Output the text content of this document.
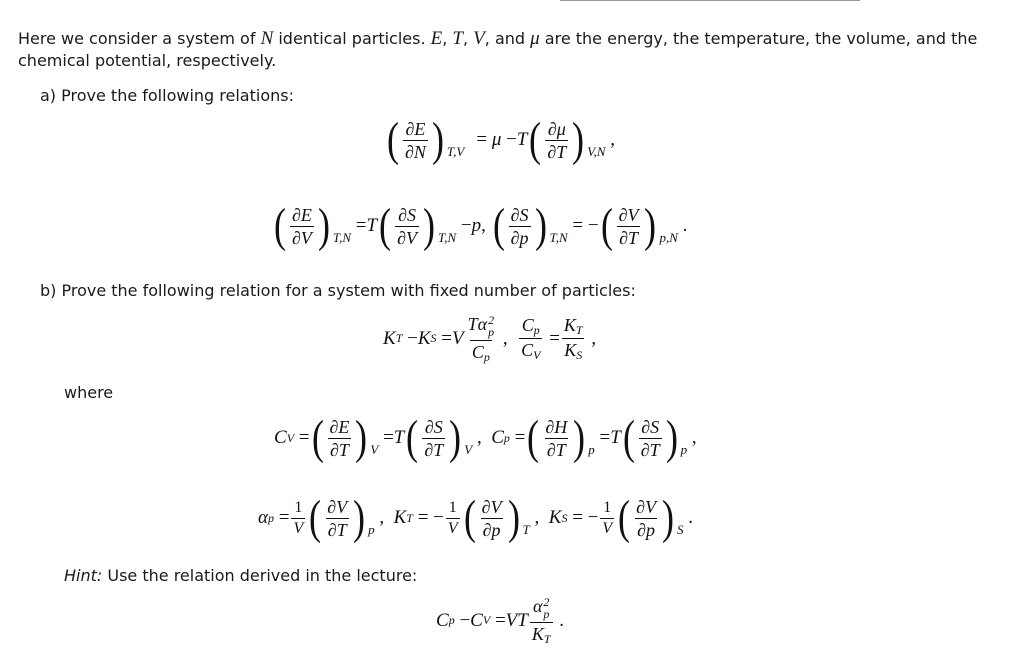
Here we consider a system of N identical particles. E, T, V, and μ are the energy, the temperature, the volume, and the
chemical potential, respectively.
a) Prove the following relations:
( $\frac{\partial E}{\partial N}$ ) T,V
= μ − T ( $\frac{\partial\mu}{\partial T}$ ) V,N
,
( $\frac{\partial E}{\partial V}$ ) T,N
= T ( $\frac{\partial S}{\partial V}$ ) T,N
− p , ( $\frac{\partial S}{\partial p}$ ) T,N
= − ( $\frac{\partial V}{\partial T}$ ) p,N
.
b) Prove the following relation for a system with fixed number of particles:
K T − K S = V Tα 2
p
$C_p$ , $\frac{C_p}{C_V} = \frac{K_T}{K_S}$ ,
where
C V = ( $\frac{\partial E}{\partial T}$ ) V
= T ( $\frac{\partial S}{\partial T}$ ) V
, C p = ( $\frac{\partial H}{\partial T}$ ) p
= T ( $\frac{\partial S}{\partial T}$ ) p
,
α $p = \frac{1}{V}$ ( $\frac{\partial V}{\partial T}$ ) p
, K T = − $\frac{1}{V}$ ( $\frac{\partial V}{\partial p}$ ) T
, K S = − $\frac{1}{V}$ ( $\frac{\partial V}{\partial p}$ ) S
.
Hint: Use the relation derived in the lecture:
C p − C V = VT α 2
p
$K_T$ .
